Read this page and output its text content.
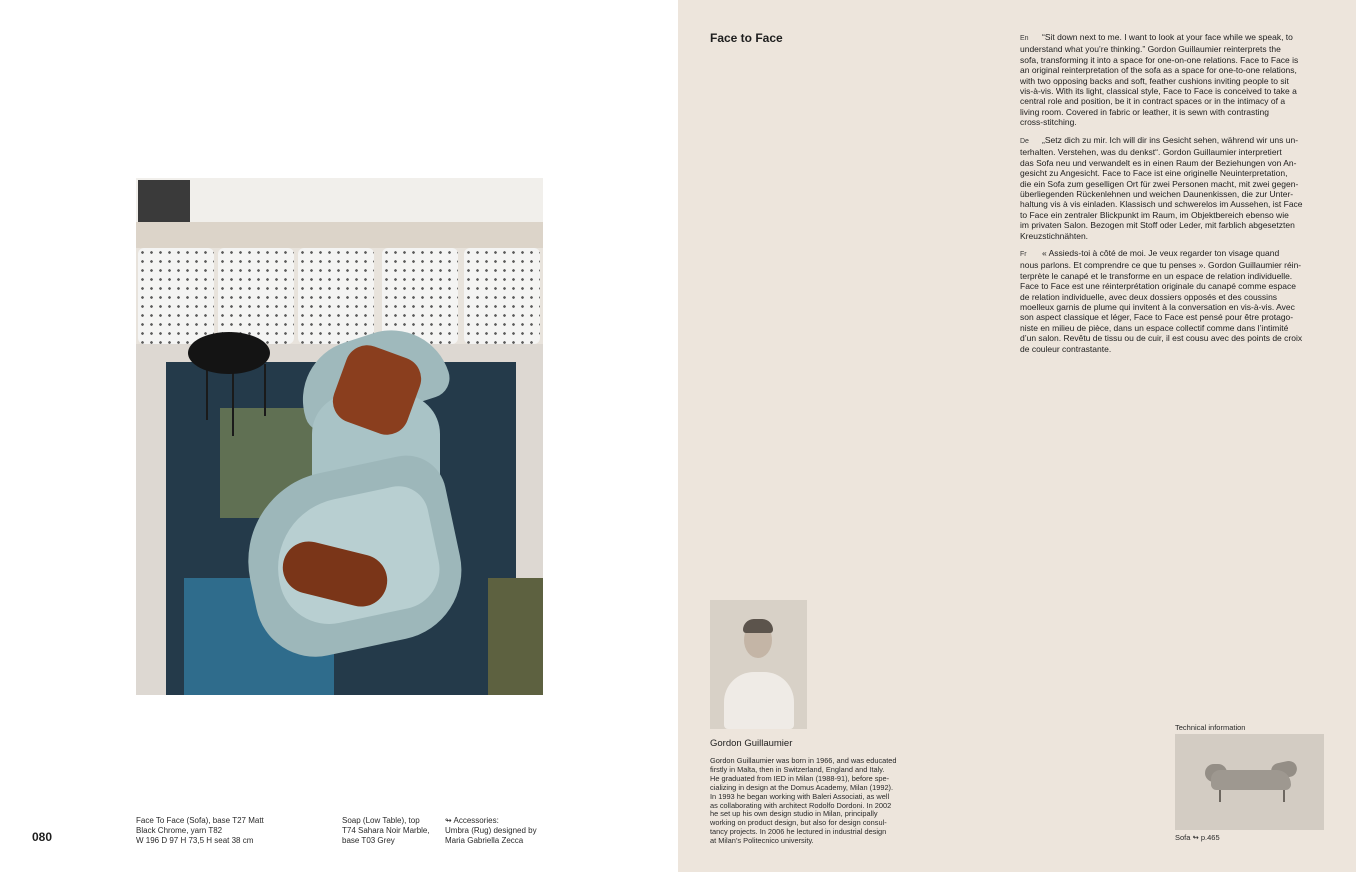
080
Face To Face (Sofa), base T27 Matt
Black Chrome, yarn T82
W 196 D 97 H 73,5 H seat 38 cm
Soap (Low Table), top
T74 Sahara Noir Marble,
base T03 Grey
↬ Accessories:
Umbra (Rug) designed by
Maria Gabriella Zecca
Face to Face	En “Sit down next to me. I want to look at your face while we speak, to
understand what you’re thinking.” Gordon Guillaumier reinterprets the
sofa, transforming it into a space for one-on-one relations. Face to Face is
an original reinterpretation of the sofa as a space for one-to-one relations,
with two opposing backs and soft, feather cushions inviting people to sit
vis-à-vis. With its light, classical style, Face to Face is conceived to take a
central role and position, be it in contract spaces or in the intimacy of a
living room. Covered in fabric or leather, it is sewn with contrasting
cross-stitching.
De „Setz dich zu mir. Ich will dir ins Gesicht sehen, während wir uns un-
terhalten. Verstehen, was du denkst“. Gordon Guillaumier interpretiert
das Sofa neu und verwandelt es in einen Raum der Beziehungen von An-
gesicht zu Angesicht. Face to Face ist eine originelle Neuinterpretation,
die ein Sofa zum geselligen Ort für zwei Personen macht, mit zwei gegen-
überliegenden Rückenlehnen und weichen Daunenkissen, die zur Unter-
haltung vis à vis einladen. Klassisch und schwerelos im Aussehen, ist Face
to Face ein zentraler Blickpunkt im Raum, im Objektbereich ebenso wie
im privaten Salon. Bezogen mit Stoff oder Leder, mit farblich abgesetzten
Kreuzstichnähten.
Fr « Assieds-toi à côté de moi. Je veux regarder ton visage quand
nous parlons. Et comprendre ce que tu penses ». Gordon Guillaumier réin-
terprète le canapé et le transforme en un espace de relation individuelle.
Face to Face est une réinterprétation originale du canapé comme espace
de relation individuelle, avec deux dossiers opposés et des coussins
moelleux garnis de plume qui invitent à la conversation en vis-à-vis. Avec
son aspect classique et léger, Face to Face est pensé pour être protago-
niste en milieu de pièce, dans un espace collectif comme dans l’intimité
d’un salon. Revêtu de tissu ou de cuir, il est cousu avec des points de croix
de couleur contrastante.
Gordon Guillaumier
Gordon Guillaumier was born in 1966, and was educated
firstly in Malta, then in Switzerland, England and Italy.
He graduated from IED in Milan (1988-91), before spe-
cializing in design at the Domus Academy, Milan (1992).
In 1993 he began working with Baleri Associati, as well
as collaborating with architect Rodolfo Dordoni. In 2002
he set up his own design studio in Milan, principally
working on product design, but also for design consul-
tancy projects. In 2006 he lectured in industrial design
at Milan’s Politecnico university.
Technical information
Sofa ↬ p.465
